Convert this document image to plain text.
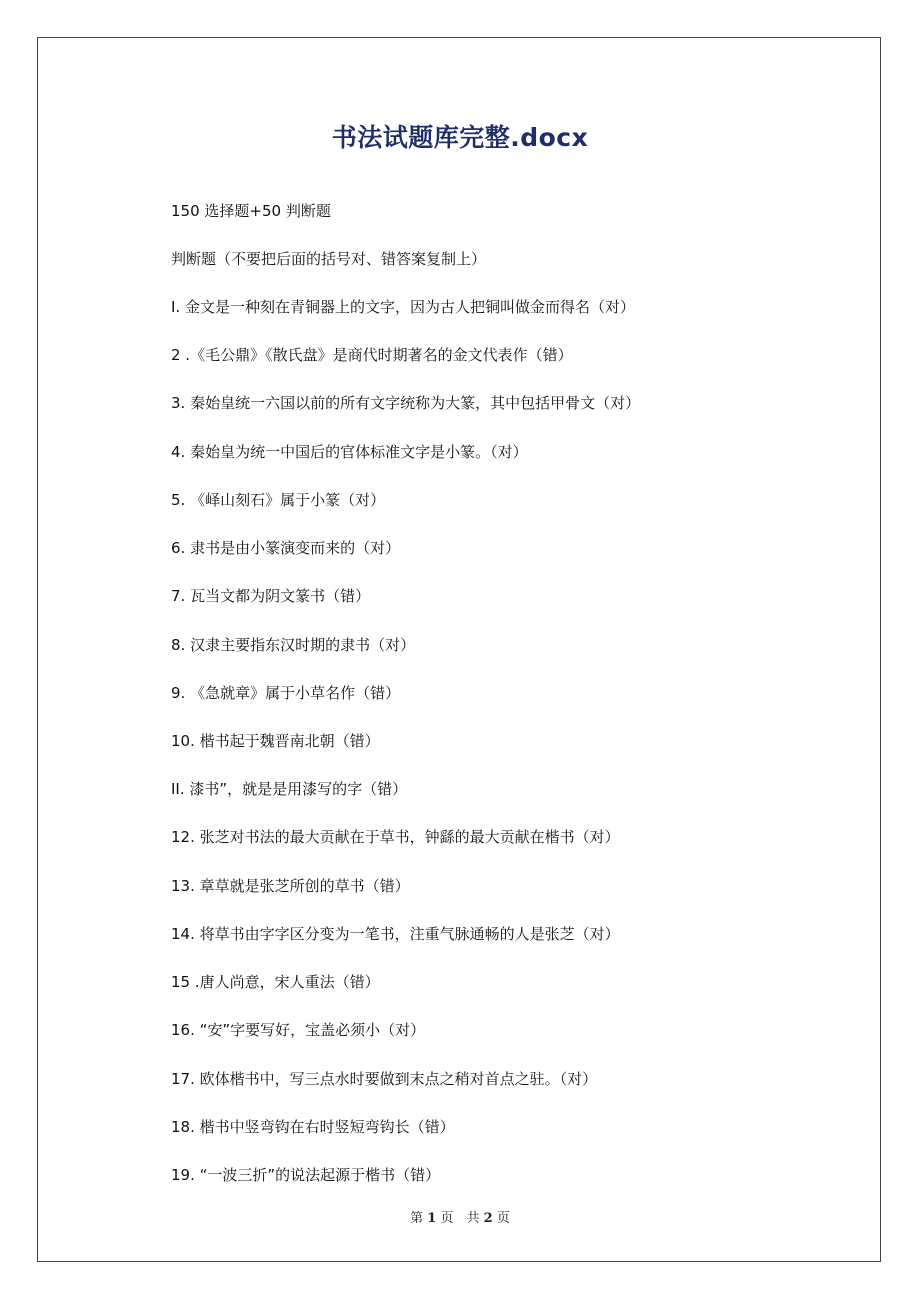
书法试题库完整.docx
150 选择题+50 判断题
判断题（不要把后面的括号对、错答案复制上）
I. 金文是一种刻在青铜器上的文字，因为古人把铜叫做金而得名（对）
2 .《毛公鼎》《散氏盘》是商代时期著名的金文代表作（错）
3. 秦始皇统一六国以前的所有文字统称为大篆，其中包括甲骨文（对）
4. 秦始皇为统一中国后的官体标准文字是小篆。（对）
5. 《峄山刻石》属于小篆（对）
6. 隶书是由小篆演变而来的（对）
7. 瓦当文都为阴文篆书（错）
8. 汉隶主要指东汉时期的隶书（对）
9. 《急就章》属于小草名作（错）
10. 楷书起于魏晋南北朝（错）
II. 漆书”，就是是用漆写的字（错）
12. 张芝对书法的最大贡献在于草书，钟繇的最大贡献在楷书（对）
13. 章草就是张芝所创的草书（错）
14. 将草书由字字区分变为一笔书，注重气脉通畅的人是张芝（对）
15 .唐人尚意，宋人重法（错）
16. “安”字要写好，宝盖必须小（对）
17. 欧体楷书中，写三点水时要做到末点之稍对首点之驻。（对）
18. 楷书中竖弯钩在右时竖短弯钩长（错）
19. “一波三折”的说法起源于楷书（错）
第 1 页　共 2 页
